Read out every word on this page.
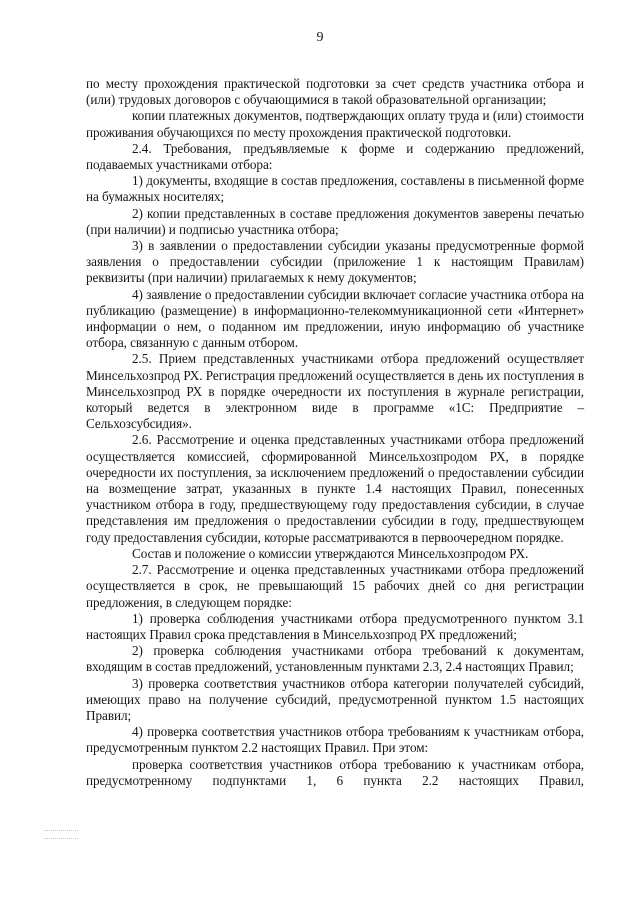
9

по месту прохождения практической подготовки за счет средств участника отбора и (или) трудовых договоров с обучающимися в такой образовательной организации;

копии платежных документов, подтверждающих оплату труда и (или) стоимости проживания обучающихся по месту прохождения практической подготовки.

2.4. Требования, предъявляемые к форме и содержанию предложений, подаваемых участниками отбора:

1) документы, входящие в состав предложения, составлены в письменной форме на бумажных носителях;

2) копии представленных в составе предложения документов заверены печатью (при наличии) и подписью участника отбора;

3) в заявлении о предоставлении субсидии указаны предусмотренные формой заявления о предоставлении субсидии (приложение 1 к настоящим Правилам) реквизиты (при наличии) прилагаемых к нему документов;

4) заявление о предоставлении субсидии включает согласие участника отбора на публикацию (размещение) в информационно-телекоммуникационной сети «Интернет» информации о нем, о поданном им предложении, иную информацию об участнике отбора, связанную с данным отбором.

2.5. Прием представленных участниками отбора предложений осуществляет Минсельхозпрод РХ. Регистрация предложений осуществляется в день их поступления в Минсельхозпрод РХ в порядке очередности их поступления в журнале регистрации, который ведется в электронном виде в программе «1С: Предприятие – Сельхозсубсидия».

2.6. Рассмотрение и оценка представленных участниками отбора предложений осуществляется комиссией, сформированной Минсельхозпродом РХ, в порядке очередности их поступления, за исключением предложений о предоставлении субсидии на возмещение затрат, указанных в пункте 1.4 настоящих Правил, понесенных участником отбора в году, предшествующему году предоставления субсидии, в случае представления им предложения о предоставлении субсидии в году, предшествующем году предоставления субсидии, которые рассматриваются в первоочередном порядке.

Состав и положение о комиссии утверждаются Минсельхозпродом РХ.

2.7. Рассмотрение и оценка представленных участниками отбора предложений осуществляется в срок, не превышающий 15 рабочих дней со дня регистрации предложения, в следующем порядке:

1) проверка соблюдения участниками отбора предусмотренного пунктом 3.1 настоящих Правил срока представления в Минсельхозпрод РХ предложений;

2) проверка соблюдения участниками отбора требований к документам, входящим в состав предложений, установленным пунктами 2.3, 2.4 настоящих Правил;

3) проверка соответствия участников отбора категории получателей субсидий, имеющих право на получение субсидий, предусмотренной пунктом 1.5 настоящих Правил;

4) проверка соответствия участников отбора требованиям к участникам отбора, предусмотренным пунктом 2.2 настоящих Правил. При этом:

проверка соответствия участников отбора требованию к участникам отбора, предусмотренному подпунктами 1, 6 пункта 2.2 настоящих Правил,
